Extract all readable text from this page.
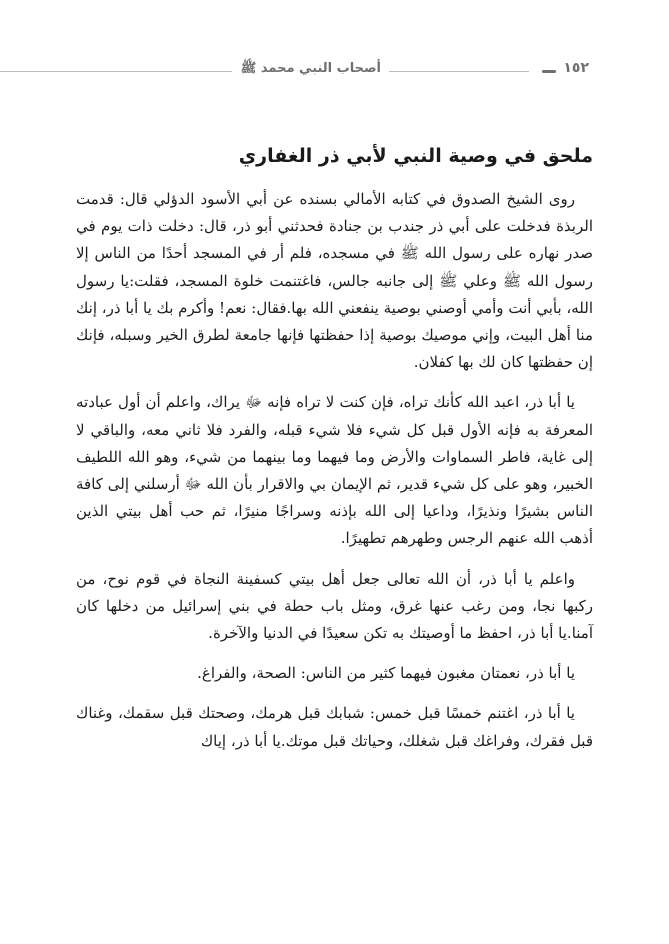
١٥٢
أصحاب النبي محمد ﷺ
ملحق في وصية النبي لأبي ذر الغفاري

روى الشيخ الصدوق في كتابه الأمالي بسنده عن أبي الأسود الدؤلي قال: قدمت الربذة فدخلت على أبي ذر جندب بن جنادة فحدثني أبو ذر، قال: دخلت ذات يوم في صدر نهاره على رسول الله ﷺ في مسجده، فلم أر في المسجد أحدًا من الناس إلا رسول الله ﷺ وعلي ﷺ إلى جانبه جالس، فاغتنمت خلوة المسجد، فقلت:يا رسول الله، بأبي أنت وأمي أوصني بوصية ينفعني الله بها.فقال: نعم! وأكرم بك يا أبا ذر، إنك منا أهل البيت، وإني موصيك بوصية إذا حفظتها فإنها جامعة لطرق الخير وسبله، فإنك إن حفظتها كان لك بها كفلان.

يا أبا ذر، اعبد الله كأنك تراه، فإن كنت لا تراه فإنه ﷻ يراك، واعلم أن أول عبادته المعرفة به فإنه الأول قبل كل شيء فلا شيء قبله، والفرد فلا ثاني معه، والباقي لا إلى غاية، فاطر السماوات والأرض وما فيهما وما بينهما من شيء، وهو الله اللطيف الخبير، وهو على كل شيء قدير، ثم الإيمان بي والاقرار بأن الله ﷻ أرسلني إلى كافة الناس بشيرًا ونذيرًا، وداعيا إلى الله بإذنه وسراجًا منيرًا، ثم حب أهل بيتي الذين أذهب الله عنهم الرجس وطهرهم تطهيرًا.

واعلم يا أبا ذر، أن الله تعالى جعل أهل بيتي كسفينة النجاة في قوم نوح، من ركبها نجا، ومن رغب عنها غرق، ومثل باب حطة في بني إسرائيل من دخلها كان آمنا.يا أبا ذر، احفظ ما أوصيتك به تكن سعيدًا في الدنيا والآخرة.

يا أبا ذر، نعمتان مغبون فيهما كثير من الناس: الصحة، والفراغ.

يا أبا ذر، اغتنم خمسًا قبل خمس: شبابك قبل هرمك، وصحتك قبل سقمك، وغناك قبل فقرك، وفراغك قبل شغلك، وحياتك قبل موتك.يا أبا ذر، إياك
